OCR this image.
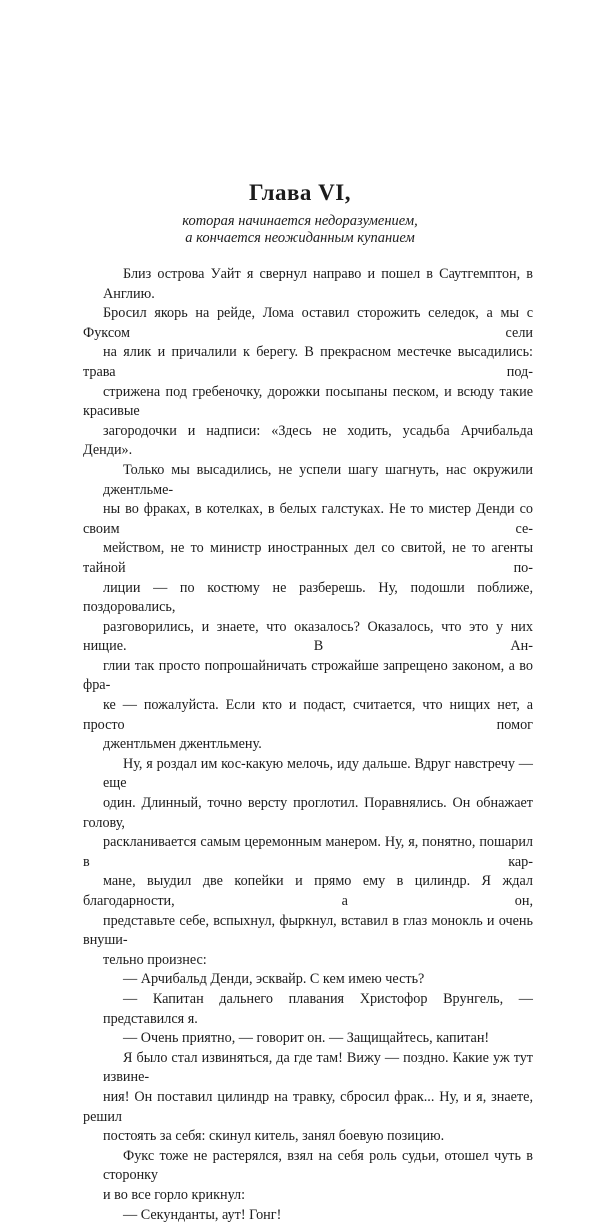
Глава VI,
которая начинается недоразумением,
а кончается неожиданным купанием
Близ острова Уайт я свернул направо и пошел в Саутгемптон, в Англию.
Бросил якорь на рейде, Лома оставил сторожить селедок, а мы с Фуксом сели
на ялик и причалили к берегу. В прекрасном местечке высадились: трава под-
стрижена под гребеночку, дорожки посыпаны песком, и всюду такие красивые
загородочки и надписи: «Здесь не ходить, усадьба Арчибальда Денди».
Только мы высадились, не успели шагу шагнуть, нас окружили джентльме-
ны во фраках, в котелках, в белых галстуках. Не то мистер Денди со своим се-
мейством, не то министр иностранных дел со свитой, не то агенты тайной по-
лиции — по костюму не разберешь. Ну, подошли поближе, поздоровались,
разговорились, и знаете, что оказалось? Оказалось, что это у них нищие. В Ан-
глии так просто попрошайничать строжайше запрещено законом, а во фра-
ке — пожалуйста. Если кто и подаст, считается, что нищих нет, а просто помог
джентльмен джентльмену.
Ну, я роздал им кос-какую мелочь, иду дальше. Вдруг навстречу — еще
один. Длинный, точно версту проглотил. Поравнялись. Он обнажает голову,
раскланивается самым церемонным манером. Ну, я, понятно, пошарил в кар-
мане, выудил две копейки и прямо ему в цилиндр. Я ждал благодарности, а он,
представьте себе, вспыхнул, фыркнул, вставил в глаз монокль и очень внуши-
тельно произнес:
— Арчибальд Денди, эсквайр. С кем имею честь?
— Капитан дальнего плавания Христофор Врунгель, — представился я.
— Очень приятно, — говорит он. — Защищайтесь, капитан!
Я было стал извиняться, да где там! Вижу — поздно. Какие уж тут извине-
ния! Он поставил цилиндр на травку, сбросил фрак... Ну, и я, знаете, решил
постоять за себя: скинул китель, занял боевую позицию.
Фукс тоже не растерялся, взял на себя роль судьи, отошел чуть в сторонку
и во все горло крикнул:
— Секунданты, аут! Гонг!
